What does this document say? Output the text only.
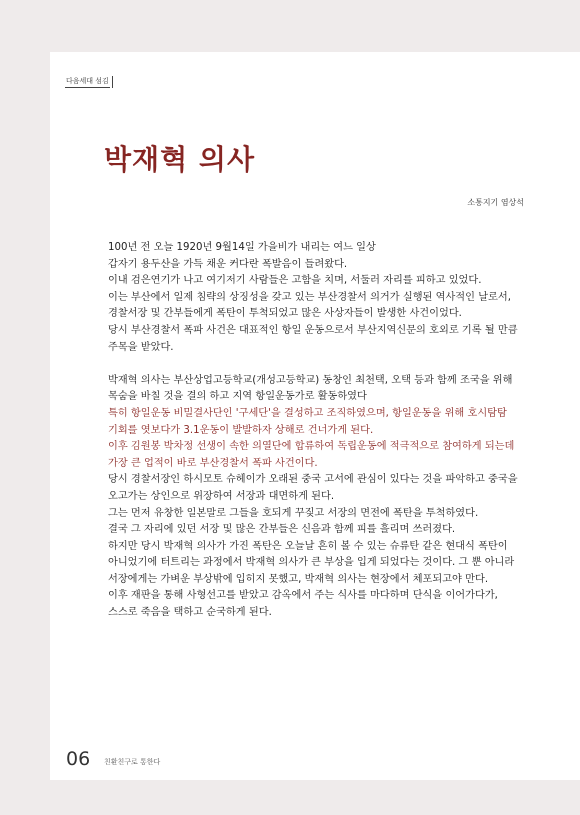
다음세대 섬김
박재혁 의사
소통지기 염상석

100년 전 오늘 1920년 9월14일 가을비가 내리는 여느 일상

갑자기 용두산을 가득 채운 커다란 폭발음이 들려왔다.

이내 검은연기가 나고 여기저기 사람들은 고함을 치며, 서둘러 자리를 피하고 있었다.

이는 부산에서 일제 침략의 상징성을 갖고 있는 부산경찰서 의거가 실행된 역사적인 날로서, 경찰서장 및 간부들에게 폭탄이 투척되었고 많은 사상자들이 발생한 사건이었다.

당시 부산경찰서 폭파 사건은 대표적인 항일 운동으로서 부산지역신문의 호외로 기록 될 만큼 주목을 받았다.

박재혁 의사는 부산상업고등학교(개성고등학교) 동창인 최천택, 오택 등과 함께 조국을 위해 목숨을 바칠 것을 결의 하고 지역 항일운동가로 활동하였다

특히 항일운동 비밀결사단인 '구세단'을 결성하고 조직하였으며, 항일운동을 위해 호시탐탐 기회를 엿보다가 3.1운동이 발발하자 상해로 건너가게 된다.

이후 김원봉 박차정 선생이 속한 의열단에 합류하여 독립운동에 적극적으로 참여하게 되는데 가장 큰 업적이 바로 부산경찰서 폭파 사건이다.

당시 경찰서장인 하시모토 슈헤이가 오래된 중국 고서에 관심이 있다는 것을 파악하고 중국을 오고가는 상인으로 위장하여 서장과 대면하게 된다.

그는 먼저 유창한 일본말로 그들을 호되게 꾸짖고 서장의 면전에 폭탄을 투척하였다.

결국 그 자리에 있던 서장 및 많은 간부들은 신음과 함께 피를 흘리며 쓰러졌다.

하지만 당시 박재혁 의사가 가진 폭탄은 오늘날 흔히 볼 수 있는 슈류탄 같은 현대식 폭탄이 아니었기에 터트리는 과정에서 박재혁 의사가 큰 부상을 입게 되었다는 것이다. 그 뿐 아니라 서장에게는 가벼운 부상밖에 입히지 못했고, 박재혁 의사는 현장에서 체포되고야 만다.

이후 재판을 통해 사형선고를 받았고 감옥에서 주는 식사를 마다하며 단식을 이어가다가, 스스로 죽음을 택하고 순국하게 된다.

06 친환친구로 통한다
